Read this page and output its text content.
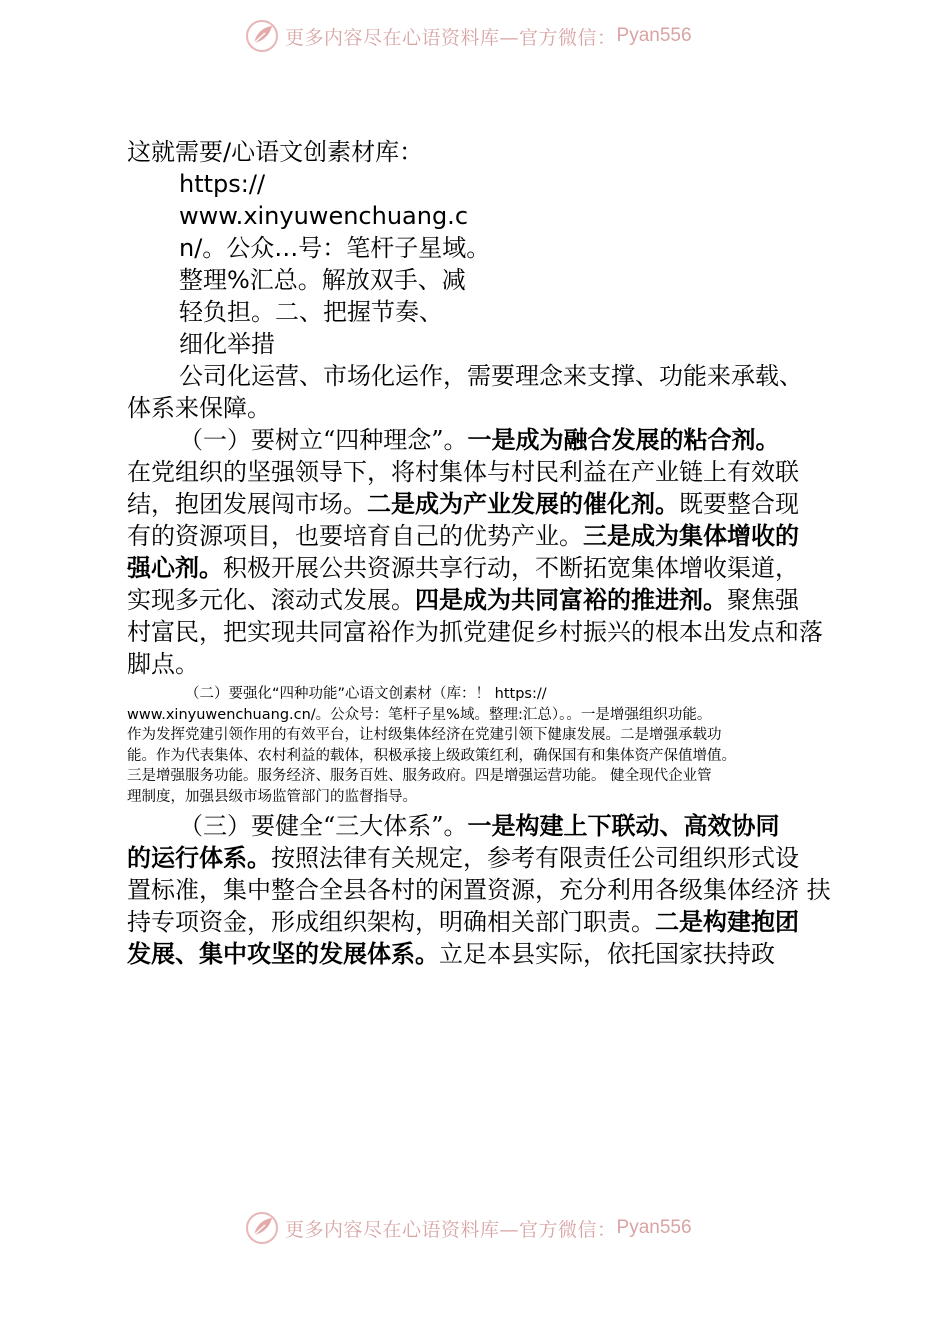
更多内容尽在心语资料库—官方微信： Pyan556
这就需要/心语文创素材库：
https://
www.xinyuwenchuang.c
n/。公众…号：笔杆子星域。
整理%汇总。解放双手、减
轻负担。二、把握节奏、
细化举措
公司化运营、市场化运作，需要理念来支撑、功能来承载、
体系来保障。
（一）要树立“四种理念”。一是成为融合发展的粘合剂。
在党组织的坚强领导下，将村集体与村民利益在产业链上有效联
结，抱团发展闯市场。二是成为产业发展的催化剂。既要整合现
有的资源项目，也要培育自己的优势产业。三是成为集体增收的
强心剂。积极开展公共资源共享行动，不断拓宽集体增收渠道，
实现多元化、滚动式发展。四是成为共同富裕的推进剂。聚焦强
村富民，把实现共同富裕作为抓党建促乡村振兴的根本出发点和落
脚点。
（二）要强化“四种功能”心语文创素材（库：！ https://
www.xinyuwenchuang.cn/。公众号：笔杆子星%域。整理:汇总）。。一是增强组织功能。
作为发挥党建引领作用的有效平台，让村级集体经济在党建引领下健康发展。二是增强承载功
能。作为代表集体、农村利益的载体，积极承接上级政策红利，确保国有和集体资产保值增值。
三是增强服务功能。服务经济、服务百姓、服务政府。四是增强运营功能。 健全现代企业管
理制度，加强县级市场监管部门的监督指导。
（三）要健全“三大体系”。一是构建上下联动、高效协同
的运行体系。按照法律有关规定，参考有限责任公司组织形式设
置标准，集中整合全县各村的闲置资源，充分利用各级集体经济 扶
持专项资金，形成组织架构，明确相关部门职责。二是构建抱团
发展、集中攻坚的发展体系。立足本县实际，依托国家扶持政
更多内容尽在心语资料库—官方微信： Pyan556
